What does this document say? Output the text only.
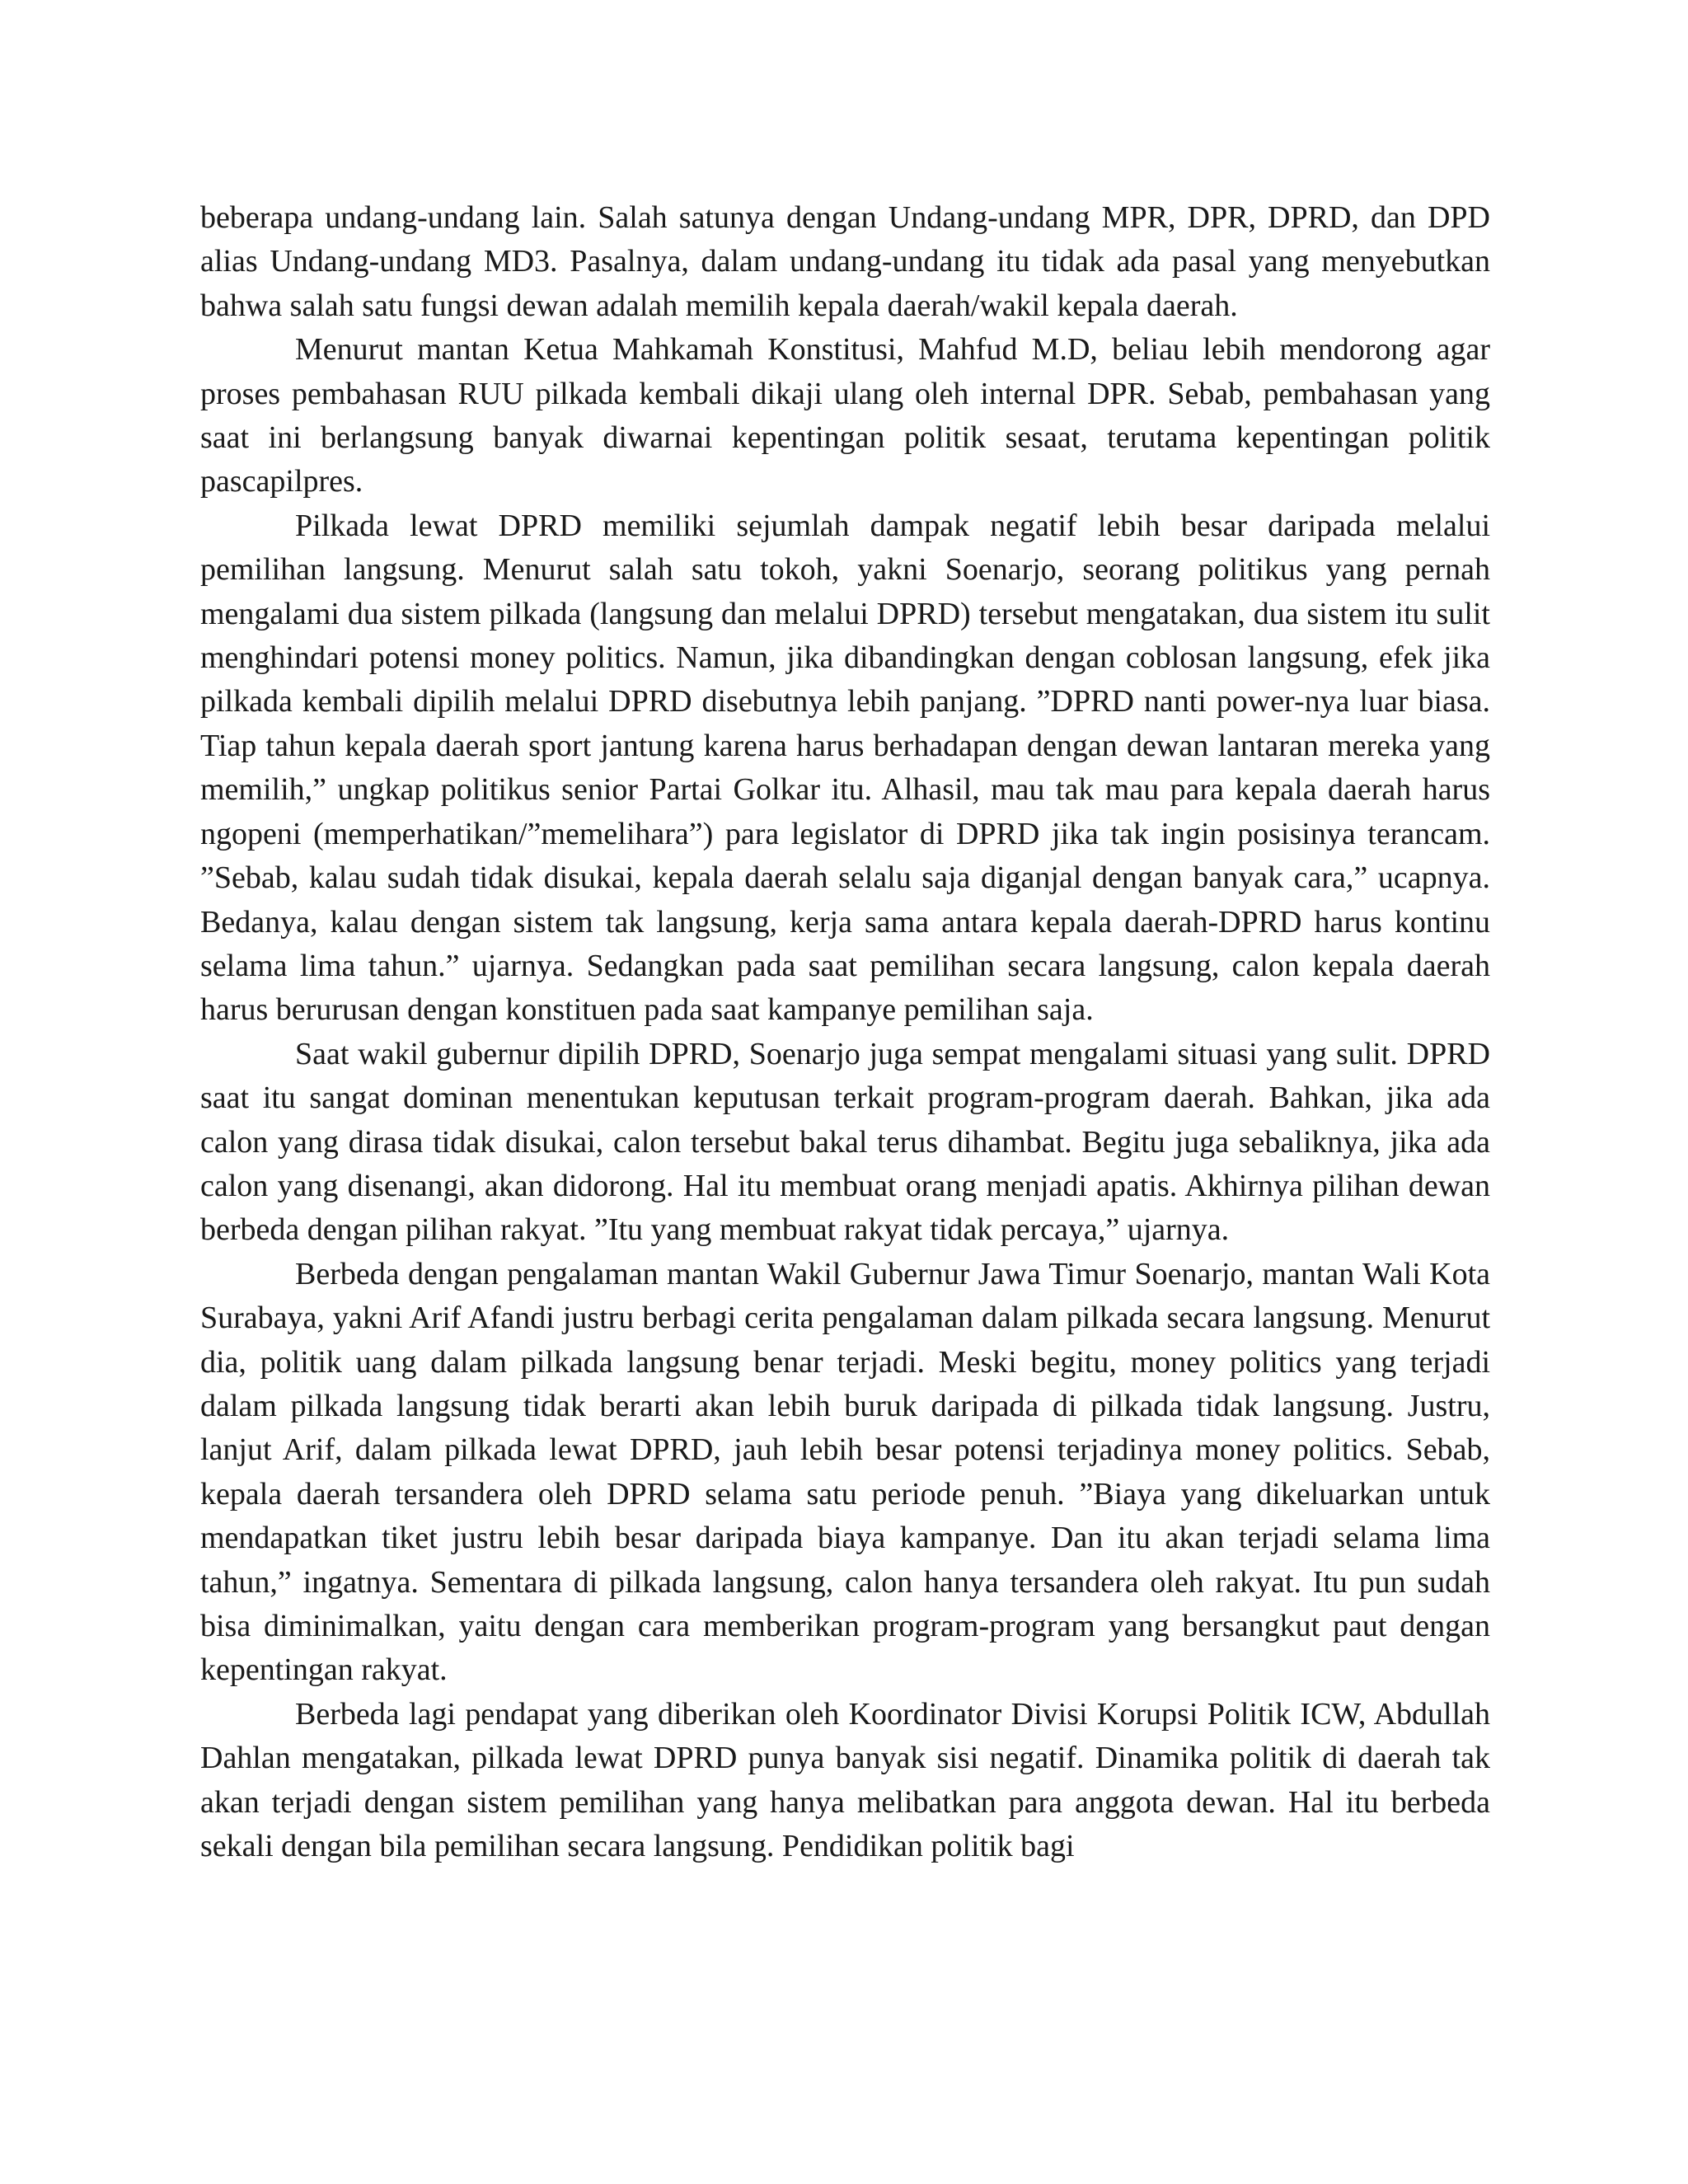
beberapa undang-undang lain. Salah satunya dengan Undang-undang MPR, DPR, DPRD, dan DPD alias Undang-undang MD3. Pasalnya, dalam undang-undang itu tidak ada pasal yang menyebutkan bahwa salah satu fungsi dewan adalah memilih kepala daerah/wakil kepala daerah.

Menurut mantan Ketua Mahkamah Konstitusi, Mahfud M.D, beliau lebih mendorong agar proses pembahasan RUU pilkada kembali dikaji ulang oleh internal DPR. Sebab, pembahasan yang saat ini berlangsung banyak diwarnai kepentingan politik sesaat, terutama kepentingan politik pascapilpres.

Pilkada lewat DPRD memiliki sejumlah dampak negatif lebih besar daripada melalui pemilihan langsung. Menurut salah satu tokoh, yakni Soenarjo, seorang politikus yang pernah mengalami dua sistem pilkada (langsung dan melalui DPRD) tersebut mengatakan, dua sistem itu sulit menghindari potensi money politics. Namun, jika dibandingkan dengan coblosan langsung, efek jika pilkada kembali dipilih melalui DPRD disebutnya lebih panjang. ”DPRD nanti power-nya luar biasa. Tiap tahun kepala daerah sport jantung karena harus berhadapan dengan dewan lantaran mereka yang memilih,” ungkap politikus senior Partai Golkar itu. Alhasil, mau tak mau para kepala daerah harus ngopeni (memperhatikan/”memelihara”) para legislator di DPRD jika tak ingin posisinya terancam. ”Sebab, kalau sudah tidak disukai, kepala daerah selalu saja diganjal dengan banyak cara,” ucapnya. Bedanya, kalau dengan sistem tak langsung, kerja sama antara kepala daerah-DPRD harus kontinu selama lima tahun.” ujarnya. Sedangkan pada saat pemilihan secara langsung, calon kepala daerah harus berurusan dengan konstituen pada saat kampanye pemilihan saja.

Saat wakil gubernur dipilih DPRD, Soenarjo juga sempat mengalami situasi yang sulit. DPRD saat itu sangat dominan menentukan keputusan terkait program-program daerah. Bahkan, jika ada calon yang dirasa tidak disukai, calon tersebut bakal terus dihambat. Begitu juga sebaliknya, jika ada calon yang disenangi, akan didorong. Hal itu membuat orang menjadi apatis. Akhirnya pilihan dewan berbeda dengan pilihan rakyat. ”Itu yang membuat rakyat tidak percaya,” ujarnya.

Berbeda dengan pengalaman mantan Wakil Gubernur Jawa Timur Soenarjo, mantan Wali Kota Surabaya, yakni Arif Afandi justru berbagi cerita pengalaman dalam pilkada secara langsung. Menurut dia, politik uang dalam pilkada langsung benar terjadi. Meski begitu, money politics yang terjadi dalam pilkada langsung tidak berarti akan lebih buruk daripada di pilkada tidak langsung. Justru, lanjut Arif, dalam pilkada lewat DPRD, jauh lebih besar potensi terjadinya money politics. Sebab, kepala daerah tersandera oleh DPRD selama satu periode penuh. ”Biaya yang dikeluarkan untuk mendapatkan tiket justru lebih besar daripada biaya kampanye. Dan itu akan terjadi selama lima tahun,” ingatnya. Sementara di pilkada langsung, calon hanya tersandera oleh rakyat. Itu pun sudah bisa diminimalkan, yaitu dengan cara memberikan program-program yang bersangkut paut dengan kepentingan rakyat.

Berbeda lagi pendapat yang diberikan oleh Koordinator Divisi Korupsi Politik ICW, Abdullah Dahlan mengatakan, pilkada lewat DPRD punya banyak sisi negatif. Dinamika politik di daerah tak akan terjadi dengan sistem pemilihan yang hanya melibatkan para anggota dewan. Hal itu berbeda sekali dengan bila pemilihan secara langsung. Pendidikan politik bagi
